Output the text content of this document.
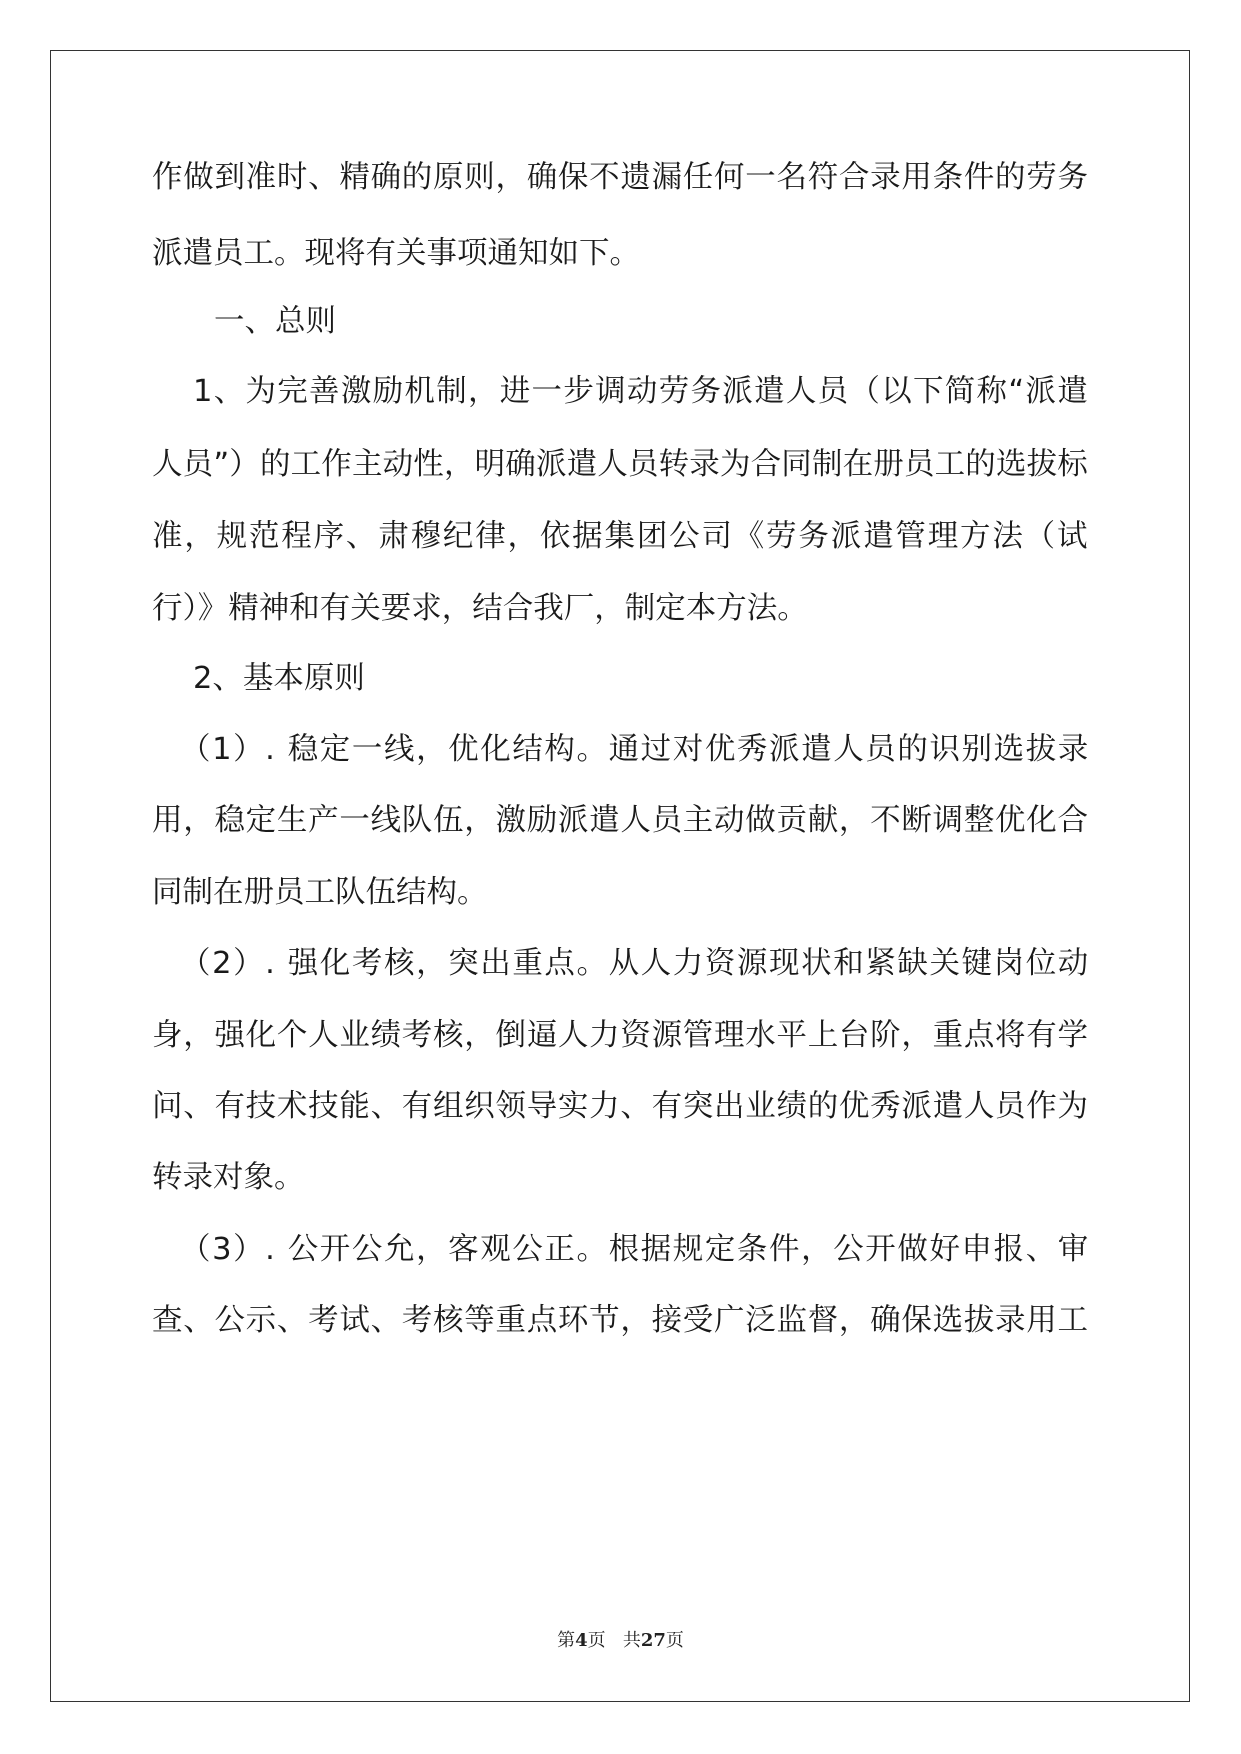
作做到准时、精确的原则，确保不遗漏任何一名符合录用条件的劳务
派遣员工。现将有关事项通知如下。
一、总则
1、为完善激励机制，进一步调动劳务派遣人员（以下简称“派遣
人员”）的工作主动性，明确派遣人员转录为合同制在册员工的选拔标
准，规范程序、肃穆纪律，依据集团公司《劳务派遣管理方法（试
行）》精神和有关要求，结合我厂，制定本方法。
2、基本原则
（1）. 稳定一线，优化结构。通过对优秀派遣人员的识别选拔录
用，稳定生产一线队伍，激励派遣人员主动做贡献，不断调整优化合
同制在册员工队伍结构。
（2）. 强化考核，突出重点。从人力资源现状和紧缺关键岗位动
身，强化个人业绩考核，倒逼人力资源管理水平上台阶，重点将有学
问、有技术技能、有组织领导实力、有突出业绩的优秀派遣人员作为
转录对象。
（3）. 公开公允，客观公正。根据规定条件，公开做好申报、审
查、公示、考试、考核等重点环节，接受广泛监督，确保选拔录用工
第4页 共27页
